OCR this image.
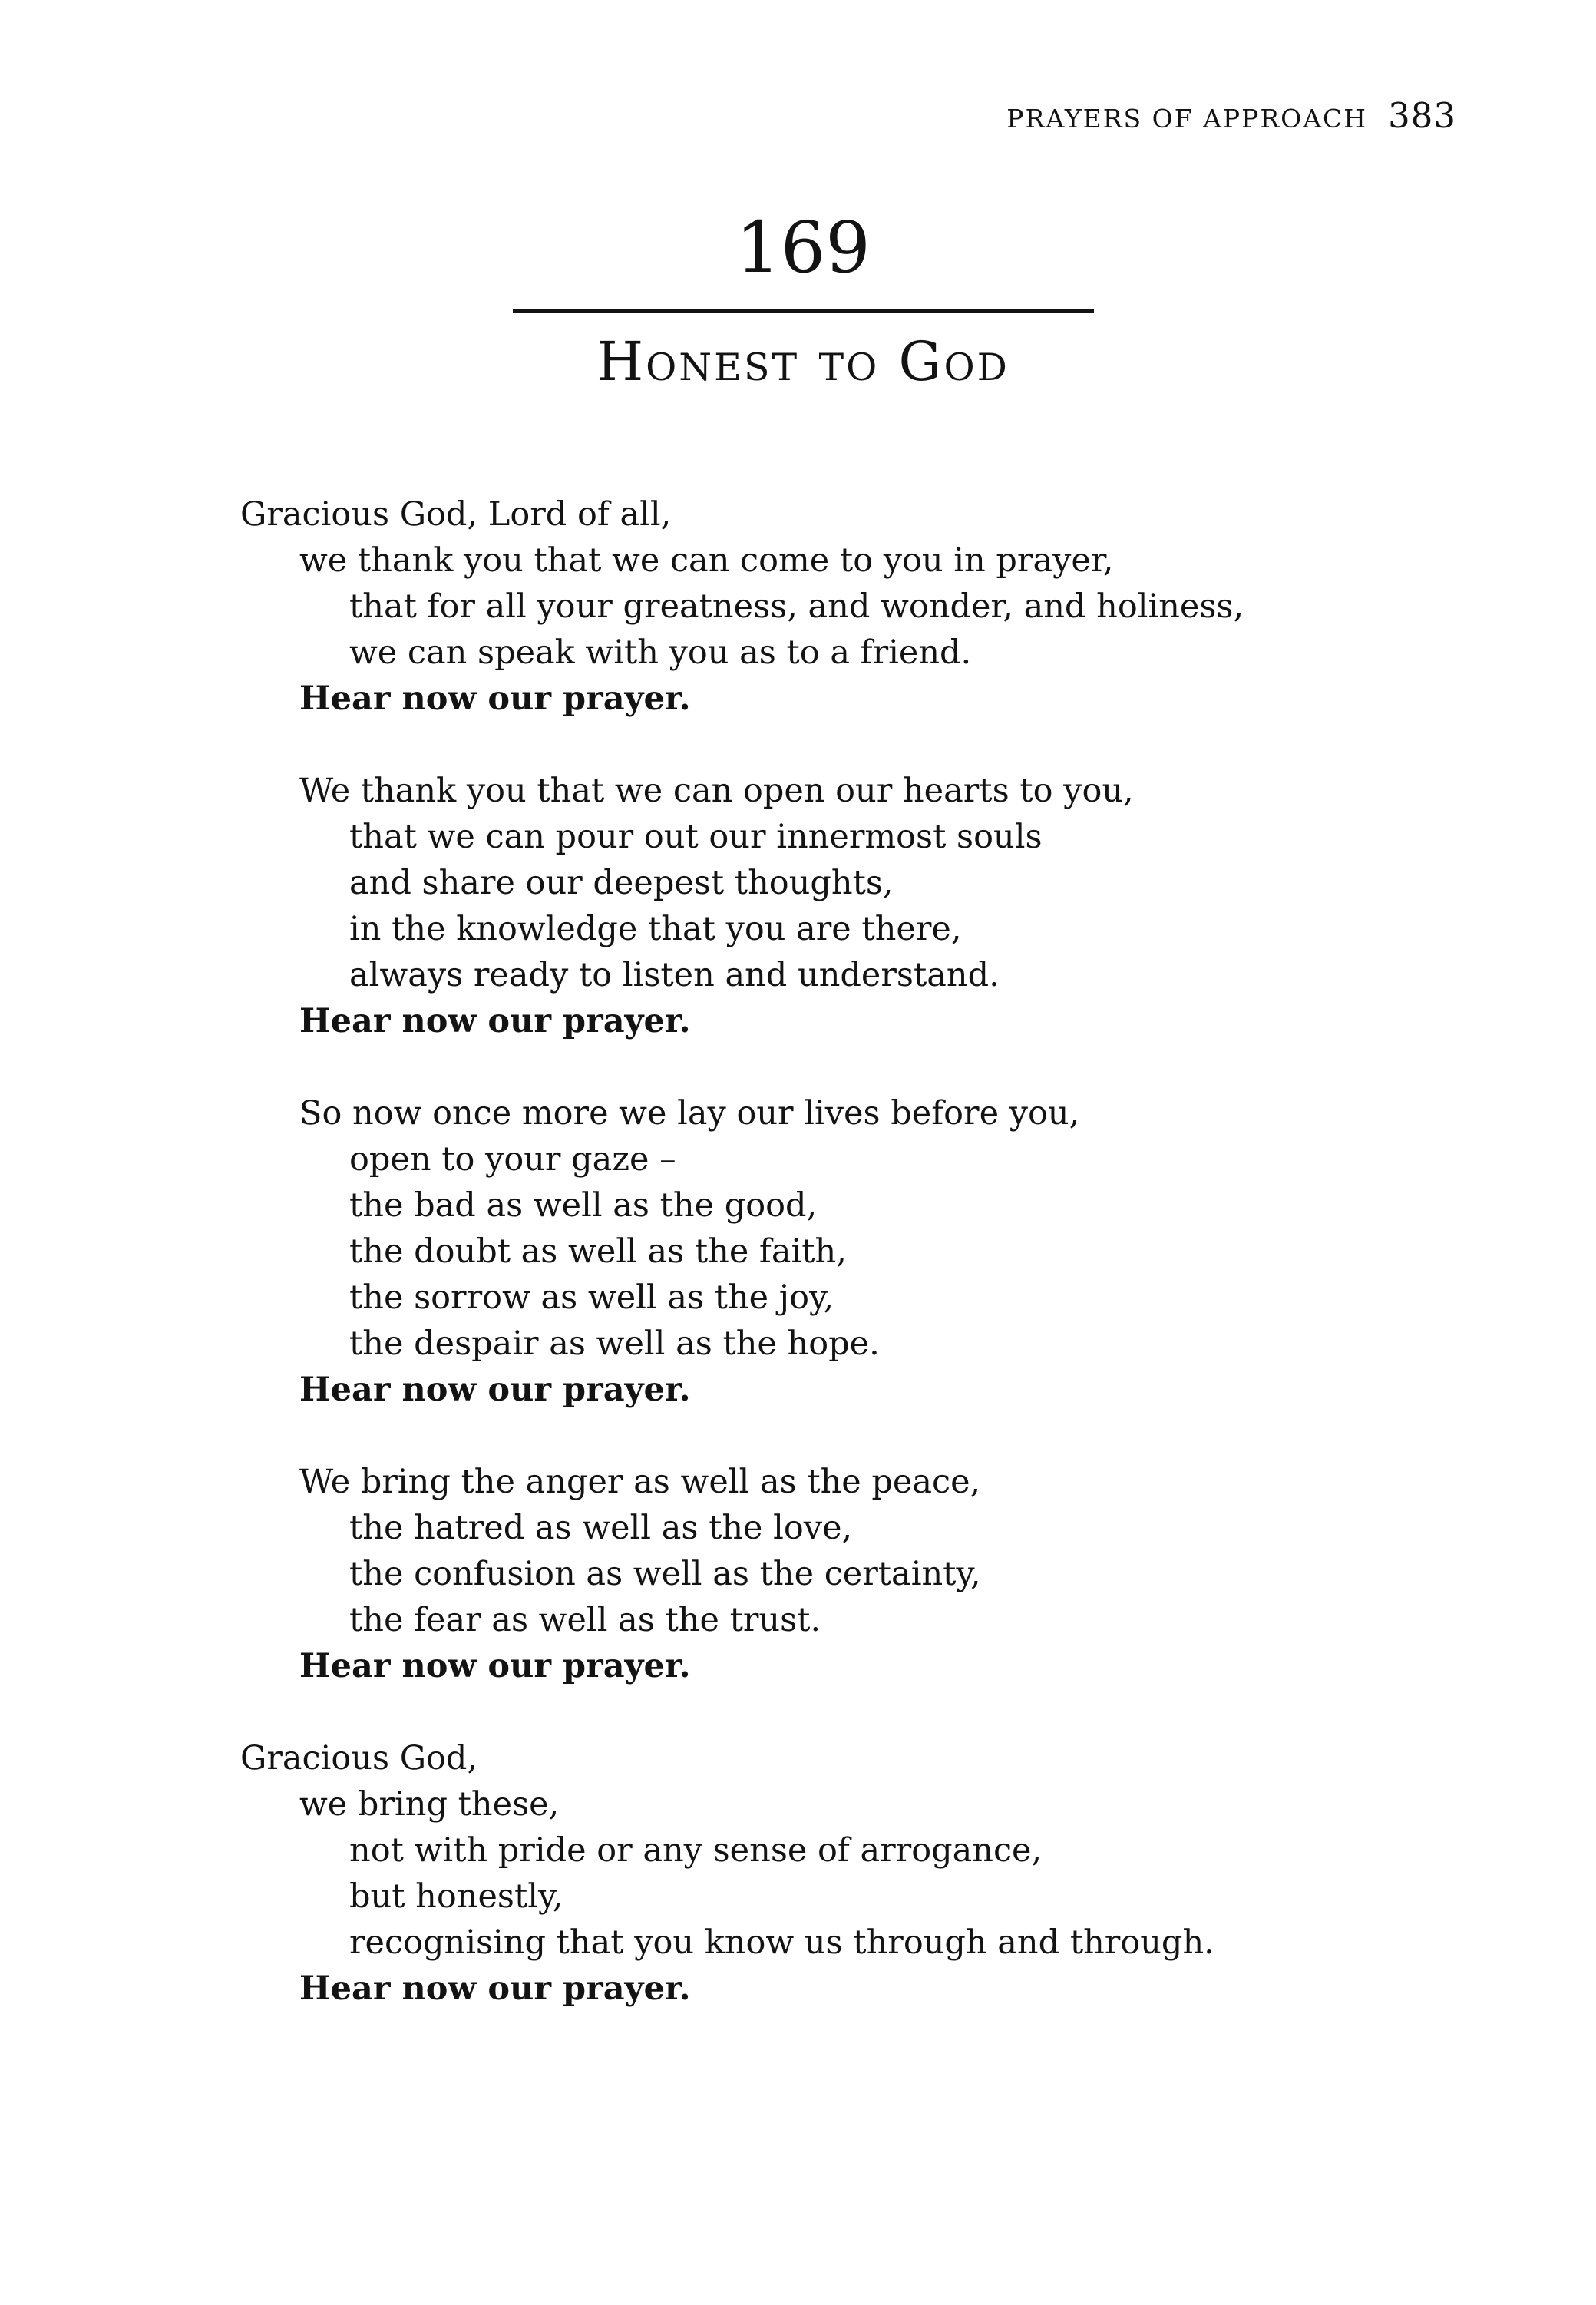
PRAYERS OF APPROACH 383
169
Honest to God

Gracious God, Lord of all,

we thank you that we can come to you in prayer,

that for all your greatness, and wonder, and holiness,

we can speak with you as to a friend.

Hear now our prayer.

We thank you that we can open our hearts to you,

that we can pour out our innermost souls

and share our deepest thoughts,

in the knowledge that you are there,

always ready to listen and understand.

Hear now our prayer.

So now once more we lay our lives before you,

open to your gaze –

the bad as well as the good,

the doubt as well as the faith,

the sorrow as well as the joy,

the despair as well as the hope.

Hear now our prayer.

We bring the anger as well as the peace,

the hatred as well as the love,

the confusion as well as the certainty,

the fear as well as the trust.

Hear now our prayer.

Gracious God,

we bring these,

not with pride or any sense of arrogance,

but honestly,

recognising that you know us through and through.

Hear now our prayer.
